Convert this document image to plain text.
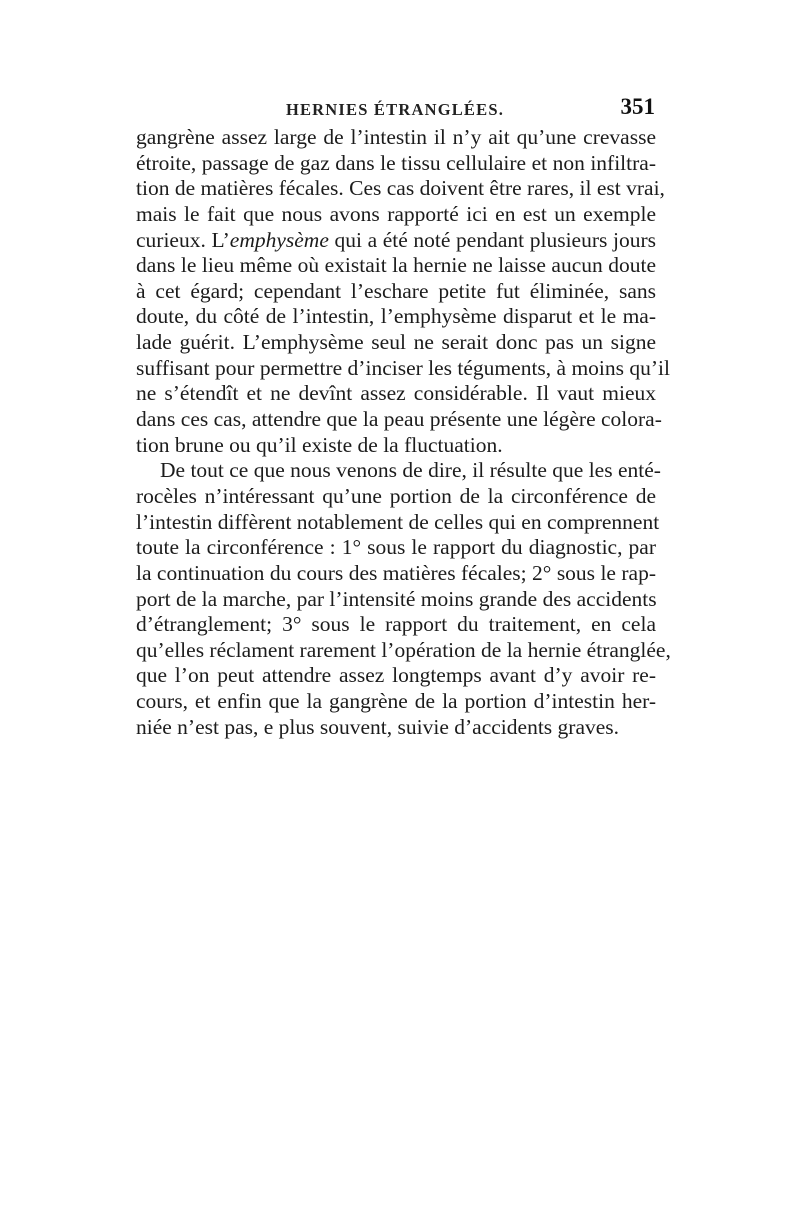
HERNIES ÉTRANGLÉES.	351
gangrène assez large de l’intestin il n’y ait qu’une crevasse
étroite, passage de gaz dans le tissu cellulaire et non infiltra-
tion de matières fécales. Ces cas doivent être rares, il est vrai,
mais le fait que nous avons rapporté ici en est un exemple
curieux. L’emphysème qui a été noté pendant plusieurs jours
dans le lieu même où existait la hernie ne laisse aucun doute
à cet égard; cependant l’eschare petite fut éliminée, sans
doute, du côté de l’intestin, l’emphysème disparut et le ma-
lade guérit. L’emphysème seul ne serait donc pas un signe
suffisant pour permettre d’inciser les téguments, à moins qu’il
ne s’étendît et ne devînt assez considérable. Il vaut mieux
dans ces cas, attendre que la peau présente une légère colora-
tion brune ou qu’il existe de la fluctuation.
De tout ce que nous venons de dire, il résulte que les enté-
rocèles n’intéressant qu’une portion de la circonférence de
l’intestin diffèrent notablement de celles qui en comprennent
toute la circonférence : 1° sous le rapport du diagnostic, par
la continuation du cours des matières fécales; 2° sous le rap-
port de la marche, par l’intensité moins grande des accidents
d’étranglement; 3° sous le rapport du traitement, en cela
qu’elles réclament rarement l’opération de la hernie étranglée,
que l’on peut attendre assez longtemps avant d’y avoir re-
cours, et enfin que la gangrène de la portion d’intestin her-
niée n’est pas, e plus souvent, suivie d’accidents graves.
